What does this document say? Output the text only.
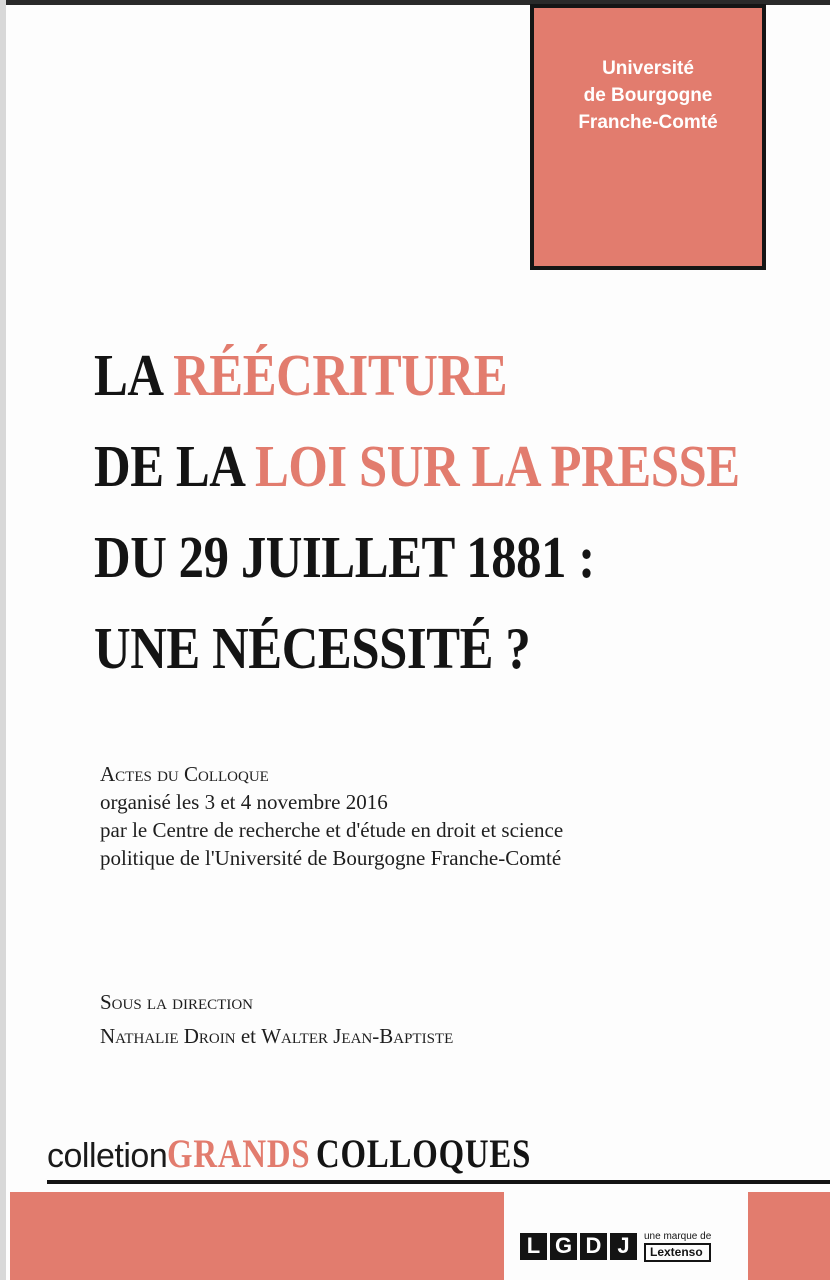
Université
de Bourgogne
Franche-Comté
LA RÉÉCRITURE
DE LA LOI SUR LA PRESSE
DU 29 JUILLET 1881 :
UNE NÉCESSITÉ ?
Actes du Colloque
organisé les 3 et 4 novembre 2016
par le Centre de recherche et d'étude en droit et science
politique de l'Université de Bourgogne Franche-Comté
Sous la direction
Nathalie Droin et Walter Jean-Baptiste
colletion GRANDS COLLOQUES
L G D J	une marque de
Lextenso
